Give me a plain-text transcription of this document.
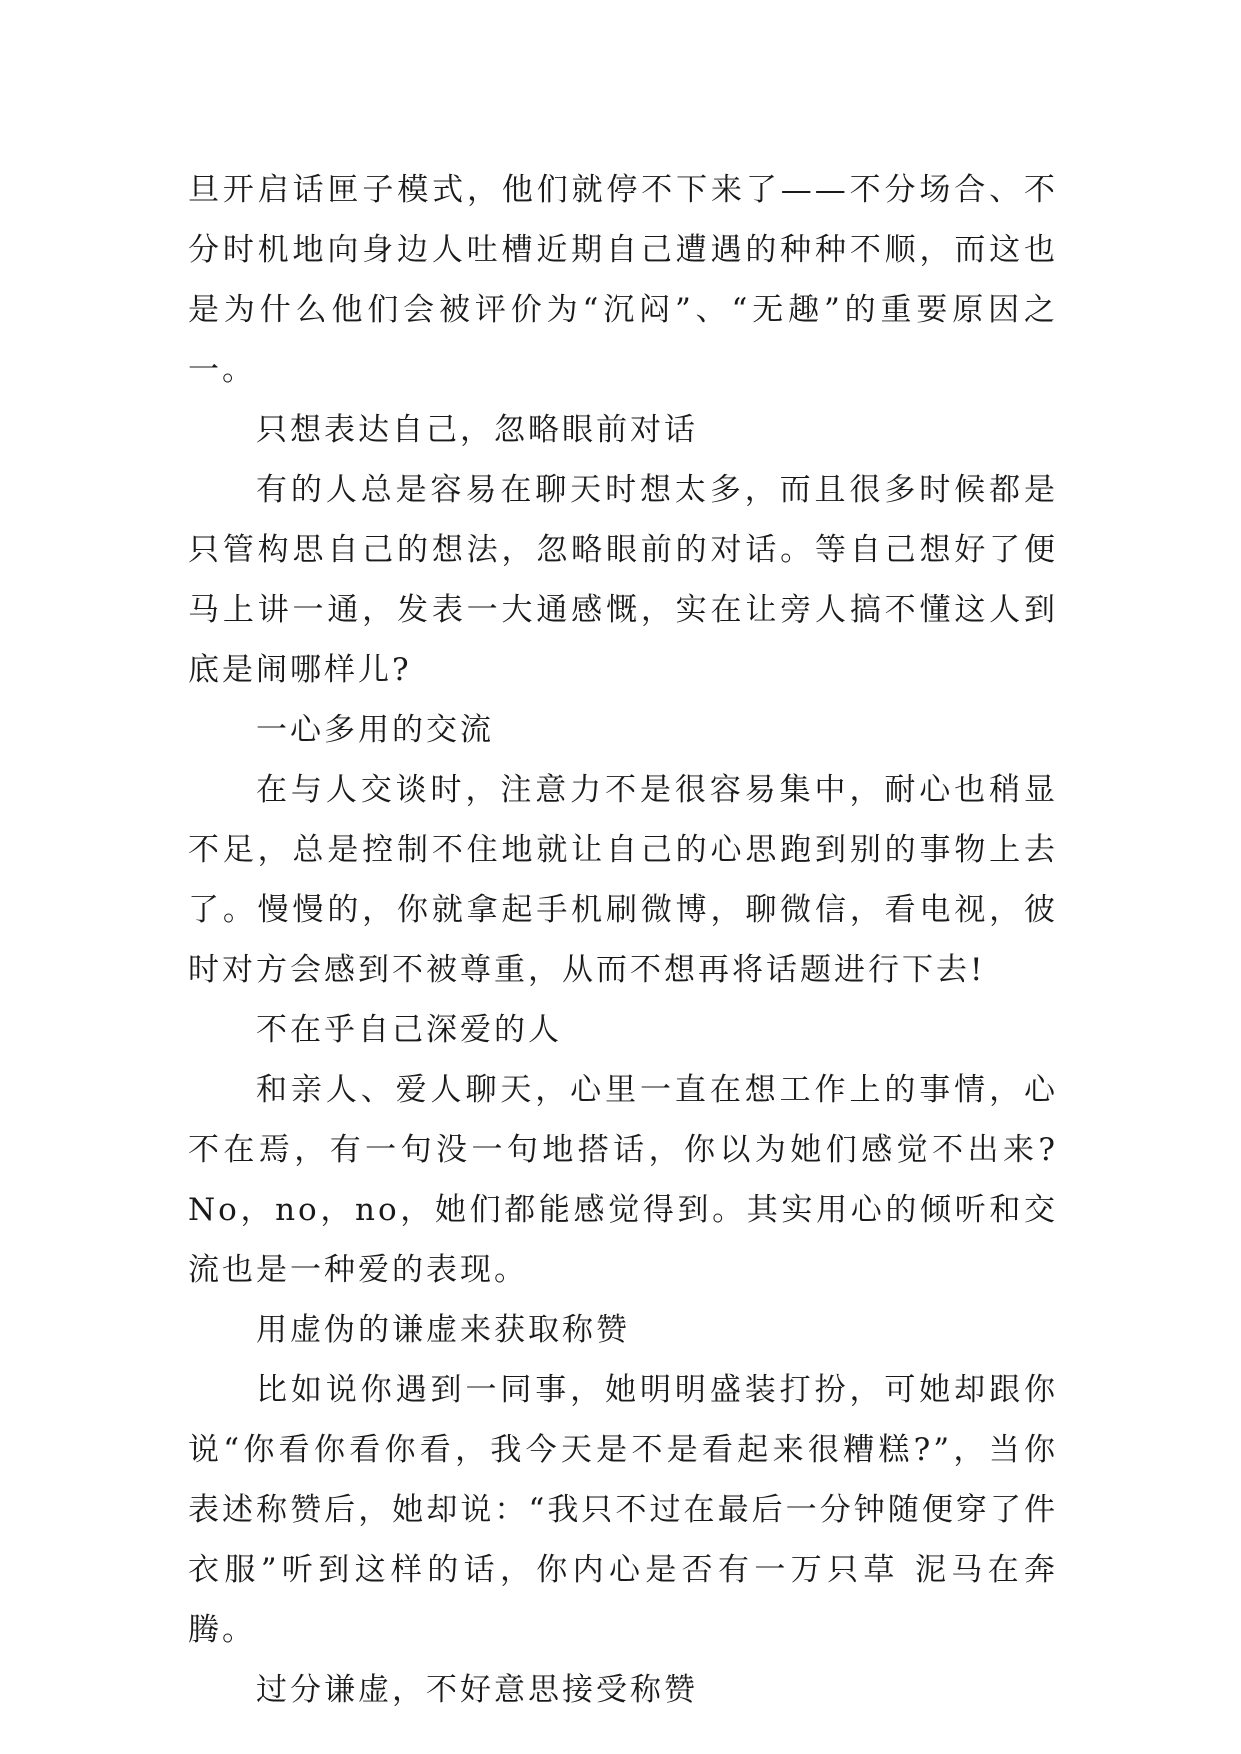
旦开启话匣子模式，他们就停不下来了——不分场合、不分时机地向身边人吐槽近期自己遭遇的种种不顺，而这也是为什么他们会被评价为“沉闷”、“无趣”的重要原因之一。

只想表达自己，忽略眼前对话

有的人总是容易在聊天时想太多，而且很多时候都是只管构思自己的想法，忽略眼前的对话。等自己想好了便马上讲一通，发表一大通感慨，实在让旁人搞不懂这人到底是闹哪样儿?

一心多用的交流

在与人交谈时，注意力不是很容易集中，耐心也稍显不足，总是控制不住地就让自己的心思跑到别的事物上去了。慢慢的，你就拿起手机刷微博，聊微信，看电视，彼时对方会感到不被尊重，从而不想再将话题进行下去!

不在乎自己深爱的人

和亲人、爱人聊天，心里一直在想工作上的事情，心不在焉，有一句没一句地搭话，你以为她们感觉不出来?No，no，no，她们都能感觉得到。其实用心的倾听和交流也是一种爱的表现。

用虚伪的谦虚来获取称赞

比如说你遇到一同事，她明明盛装打扮，可她却跟你说“你看你看你看，我今天是不是看起来很糟糕?”，当你表述称赞后，她却说：“我只不过在最后一分钟随便穿了件衣服”听到这样的话，你内心是否有一万只草 泥马在奔腾。

过分谦虚，不好意思接受称赞
